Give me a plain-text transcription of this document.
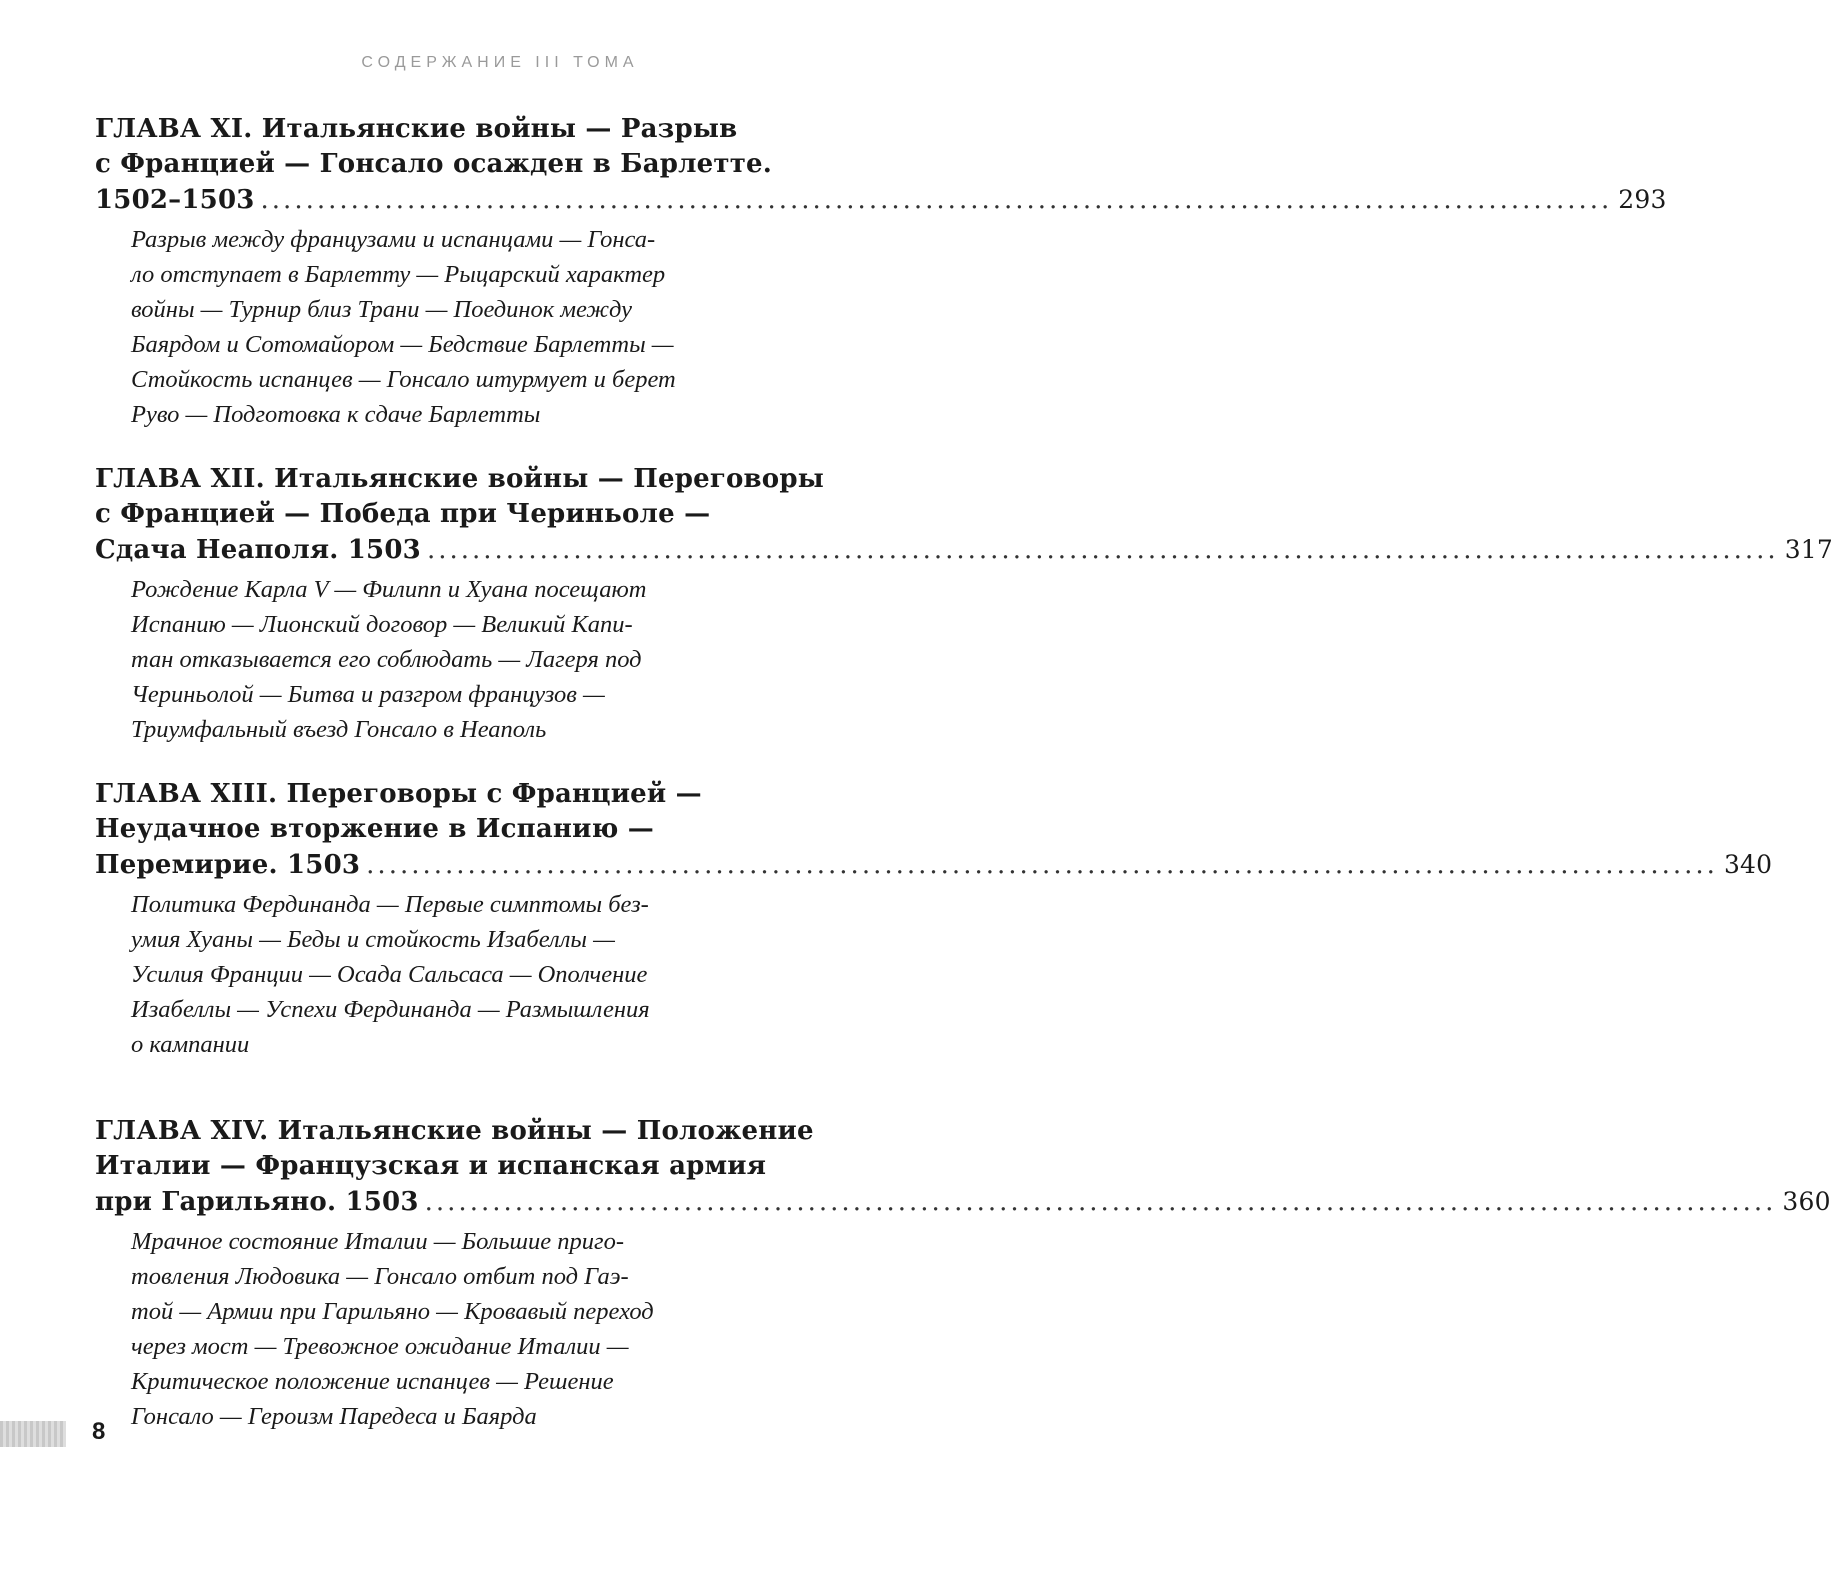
СОДЕРЖАНИЕ III ТОМА
ГЛАВА XI. Итальянские войны — Разрыв
с Францией — Гонсало осажден в Барлетте.
1502–1503 ........................................................................................................................ 293
Разрыв между французами и испанцами — Гонса-
ло отступает в Барлетту — Рыцарский характер
войны — Турнир близ Трани — Поединок между
Баярдом и Сотомайором — Бедствие Барлетты —
Стойкость испанцев — Гонсало штурмует и берет
Руво — Подготовка к сдаче Барлетты
ГЛАВА XII. Итальянские войны — Переговоры
с Францией — Победа при Чериньоле —
Сдача Неаполя. 1503 ........................................................................................................................ 317
Рождение Карла V — Филипп и Хуана посещают
Испанию — Лионский договор — Великий Капи-
тан отказывается его соблюдать — Лагеря под
Чериньолой — Битва и разгром французов —
Триумфальный въезд Гонсало в Неаполь
ГЛАВА XIII. Переговоры с Францией —
Неудачное вторжение в Испанию —
Перемирие. 1503 ........................................................................................................................ 340
Политика Фердинанда — Первые симптомы без-
умия Хуаны — Беды и стойкость Изабеллы —
Усилия Франции — Осада Сальсаса — Ополчение
Изабеллы — Успехи Фердинанда — Размышления
о кампании
ГЛАВА XIV. Итальянские войны — Положение
Италии — Французская и испанская армия
при Гарильяно. 1503 ........................................................................................................................ 360
Мрачное состояние Италии — Большие приго-
товления Людовика — Гонсало отбит под Гаэ-
той — Армии при Гарильяно — Кровавый переход
через мост — Тревожное ожидание Италии —
Критическое положение испанцев — Решение
Гонсало — Героизм Паредеса и Баярда
8
